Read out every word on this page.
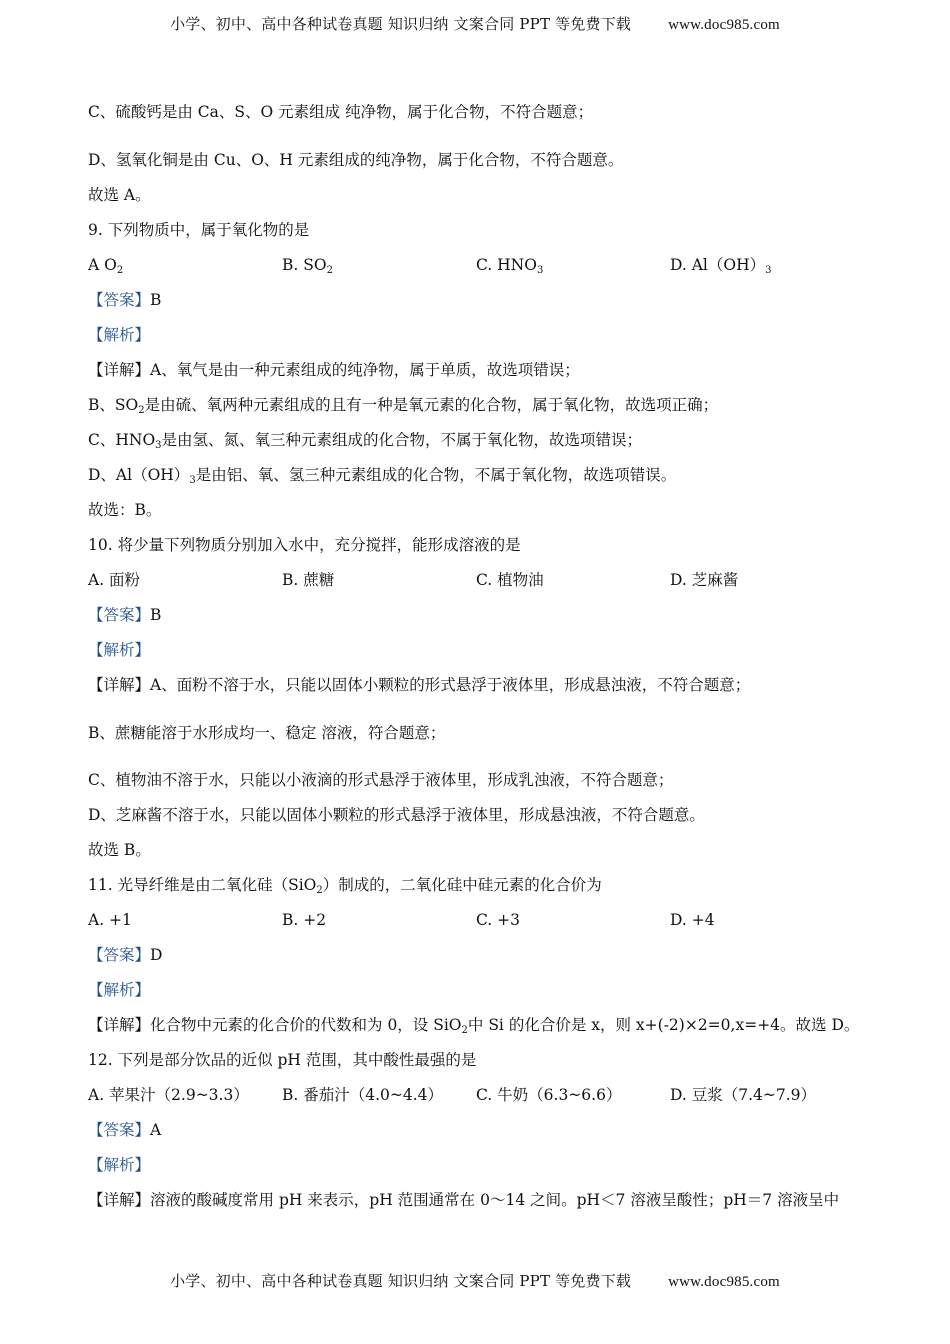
小学、初中、高中各种试卷真题 知识归纳 文案合同 PPT 等免费下载 www.doc985.com
C、硫酸钙是由 Ca、S、O 元素组成 纯净物，属于化合物，不符合题意；
D、氢氧化铜是由 Cu、O、H 元素组成的纯净物，属于化合物，不符合题意。
故选 A。
9. 下列物质中，属于氧化物的是
A $O_2$	B. $SO_2$	C. $HNO_3$	D. $Al(OH)_3$
【答案】B
【解析】
【详解】A、氧气是由一种元素组成的纯净物，属于单质，故选项错误；
B、$SO_2$是由硫、氧两种元素组成的且有一种是氧元素的化合物，属于氧化物，故选项正确；
C、$HNO_3$是由氢、氮、氧三种元素组成的化合物，不属于氧化物，故选项错误；
D、$Al(OH)_3$是由铝、氧、氢三种元素组成的化合物，不属于氧化物，故选项错误。
故选：B。
10. 将少量下列物质分别加入水中，充分搅拌，能形成溶液的是
A. 面粉	B. 蔗糖	C. 植物油	D. 芝麻酱
【答案】B
【解析】
【详解】A、面粉不溶于水，只能以固体小颗粒的形式悬浮于液体里，形成悬浊液，不符合题意；
B、蔗糖能溶于水形成均一、稳定 溶液，符合题意；
C、植物油不溶于水，只能以小液滴的形式悬浮于液体里，形成乳浊液，不符合题意；
D、芝麻酱不溶于水，只能以固体小颗粒的形式悬浮于液体里，形成悬浊液，不符合题意。
故选 B。
11. 光导纤维是由二氧化硅（SiO$_2$）制成的，二氧化硅中硅元素的化合价为
A. +1	B. +2	C. +3	D. +4
【答案】D
【解析】
【详解】化合物中元素的化合价的代数和为 0，设 SiO$_2$中 Si 的化合价是 x，则 x+(-2)×2=0,x=+4。故选 D。
12. 下列是部分饮品的近似 pH 范围，其中酸性最强的是
A. 苹果汁（2.9~3.3） B. 番茄汁（4.0~4.4） C. 牛奶（6.3~6.6）	D. 豆浆（7.4~7.9）
【答案】A
【解析】
【详解】溶液的酸碱度常用 pH 来表示，pH 范围通常在 0～14 之间。pH＜7 溶液呈酸性；pH＝7 溶液呈中
小学、初中、高中各种试卷真题 知识归纳 文案合同 PPT 等免费下载 www.doc985.com
